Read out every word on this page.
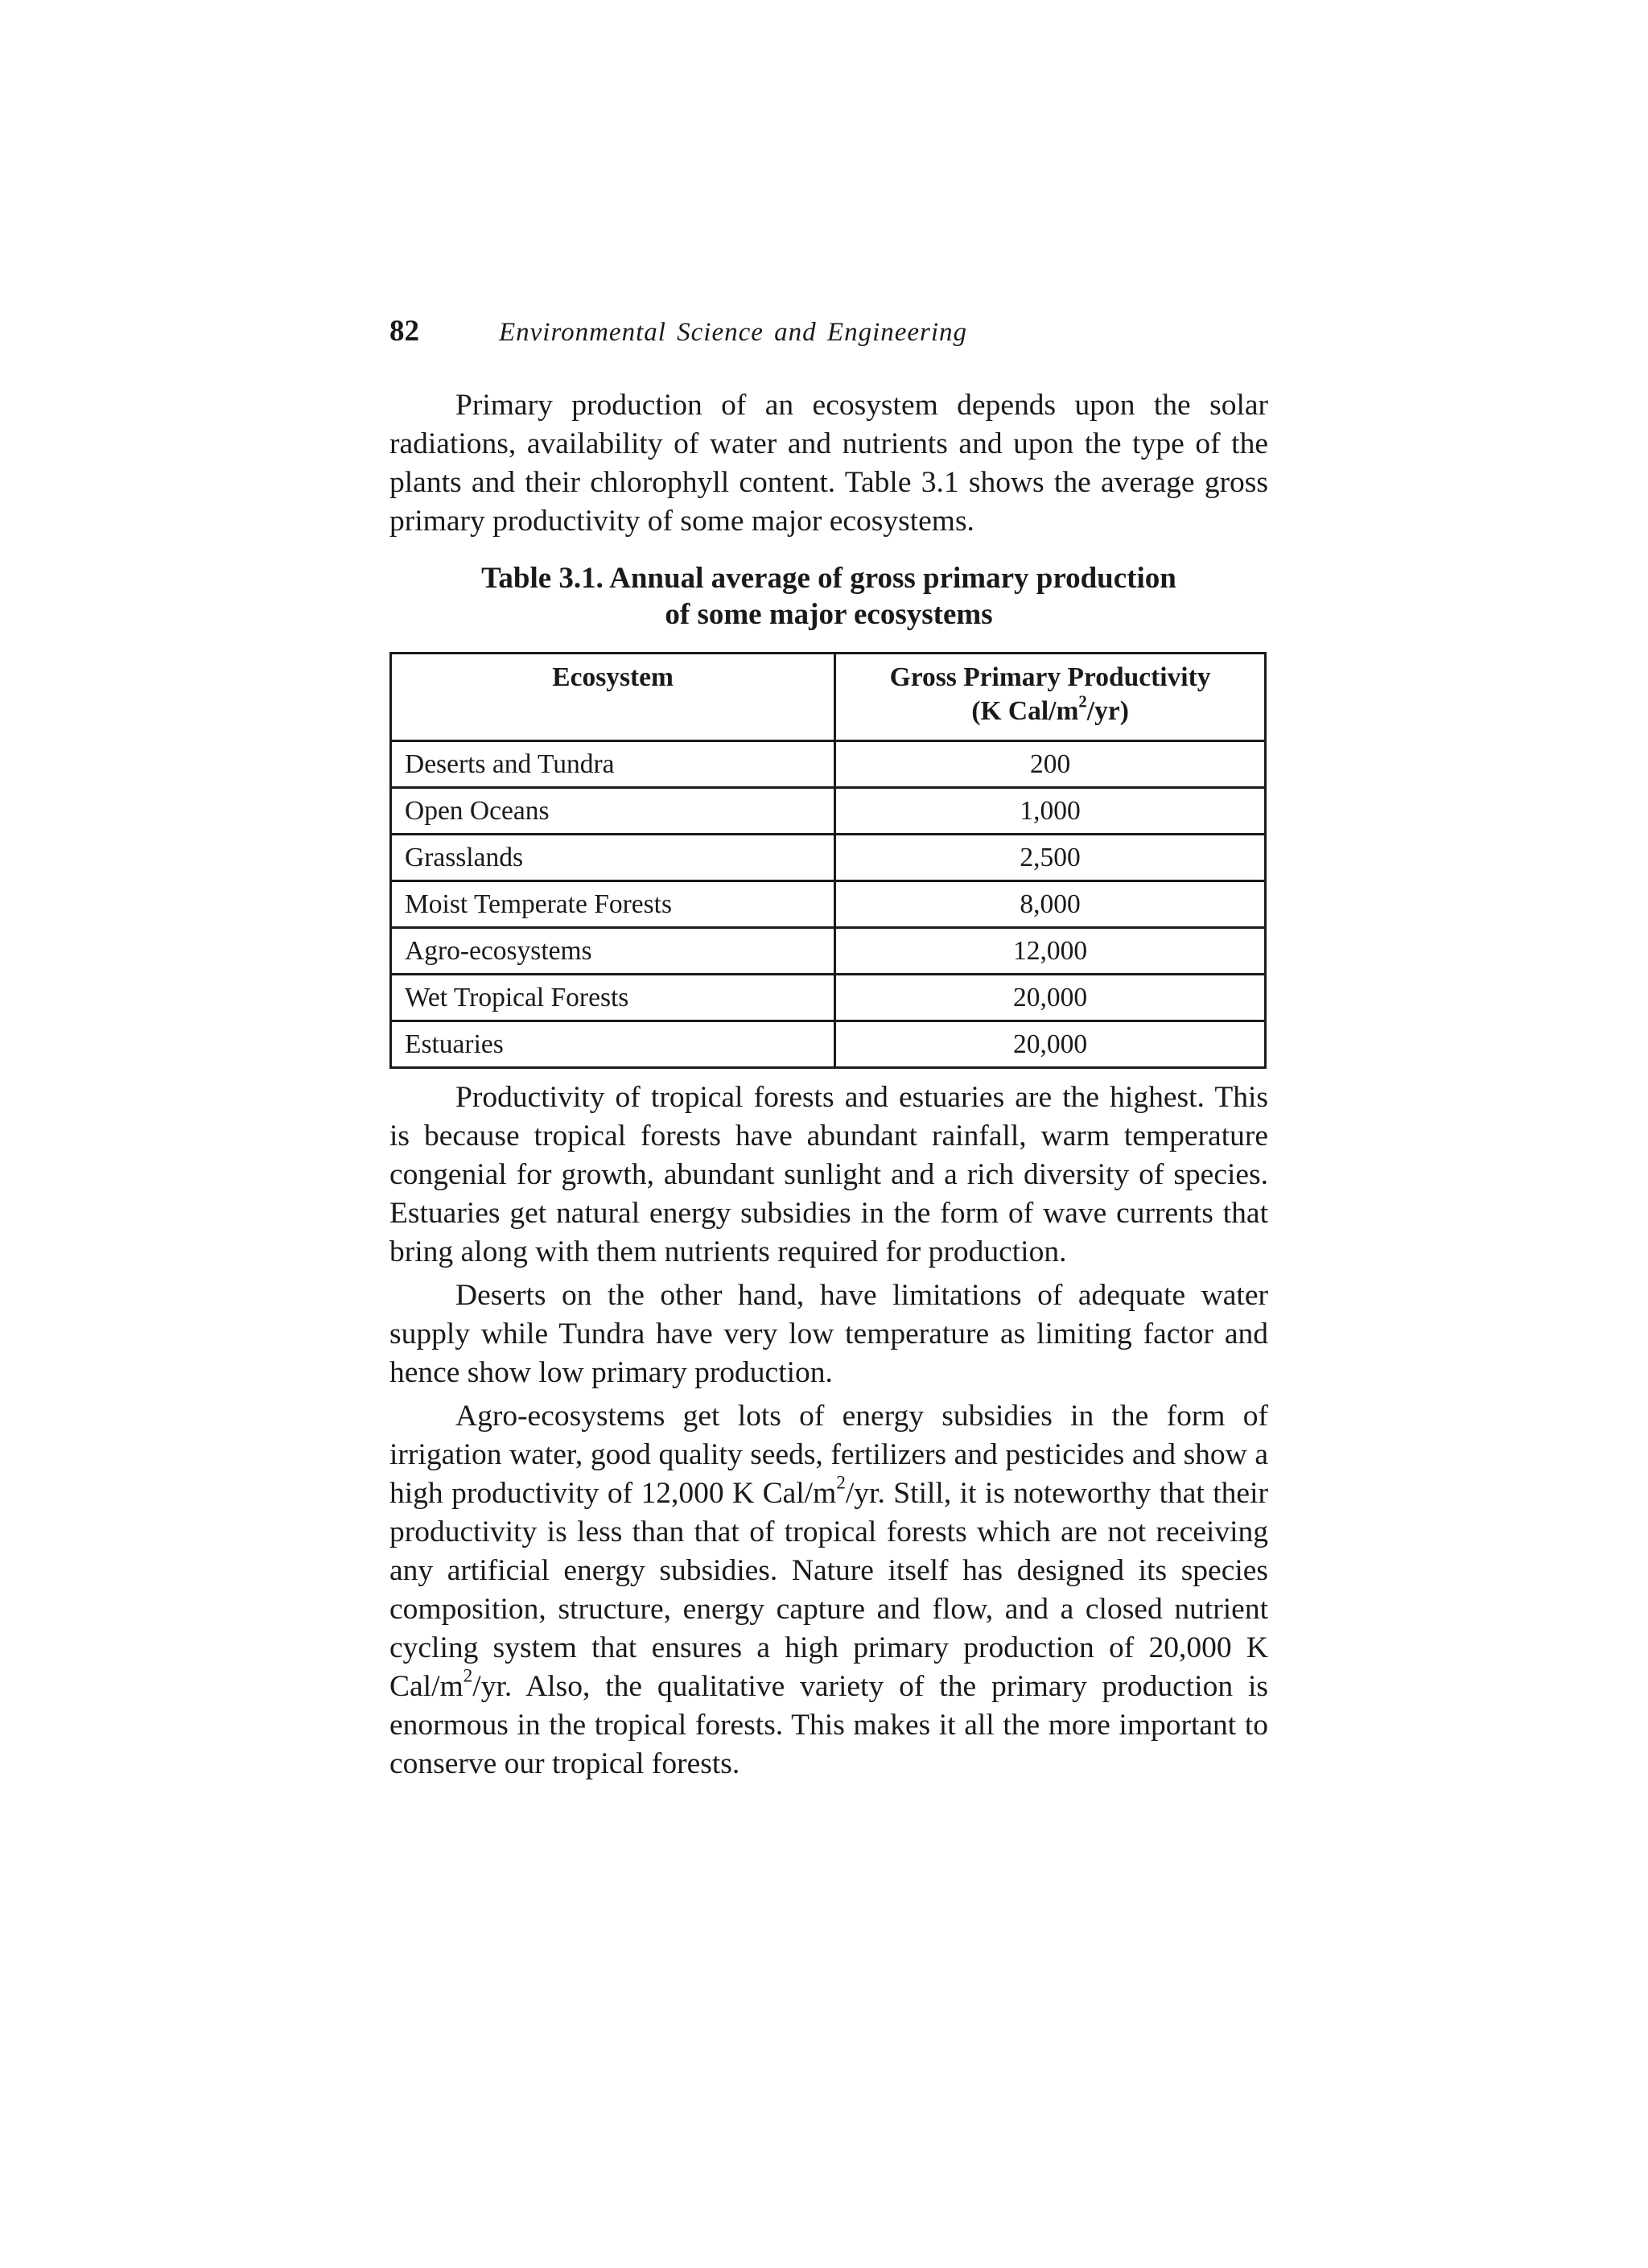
82	Environmental Science and Engineering

Primary production of an ecosystem depends upon the solar radiations, availability of water and nutrients and upon the type of the plants and their chlorophyll content. Table 3.1 shows the average gross primary productivity of some major ecosystems.

Table 3.1. Annual average of gross primary production
of some major ecosystems
Ecosystem	Gross Primary Productivity
(K Cal/$m^2/yr$)

Deserts and Tundra	200
Open Oceans	1,000
Grasslands	2,500
Moist Temperate Forests	8,000
Agro-ecosystems	12,000
Wet Tropical Forests	20,000
Estuaries	20,000

Productivity of tropical forests and estuaries are the highest. This is because tropical forests have abundant rainfall, warm temperature congenial for growth, abundant sunlight and a rich diversity of species. Estuaries get natural energy subsidies in the form of wave currents that bring along with them nutrients required for production.

Deserts on the other hand, have limitations of adequate water supply while Tundra have very low temperature as limiting factor and hence show low primary production.

Agro-ecosystems get lots of energy subsidies in the form of irrigation water, good quality seeds, fertilizers and pesticides and show a high productivity of 12,000 K Cal/$m^2/yr$. Still, it is noteworthy that their productivity is less than that of tropical forests which are not receiving any artificial energy subsidies. Nature itself has designed its species composition, structure, energy capture and flow, and a closed nutrient cycling system that ensures a high primary production of 20,000 K Cal/$m^2/yr$. Also, the qualitative variety of the primary production is enormous in the tropical forests. This makes it all the more important to conserve our tropical forests.
